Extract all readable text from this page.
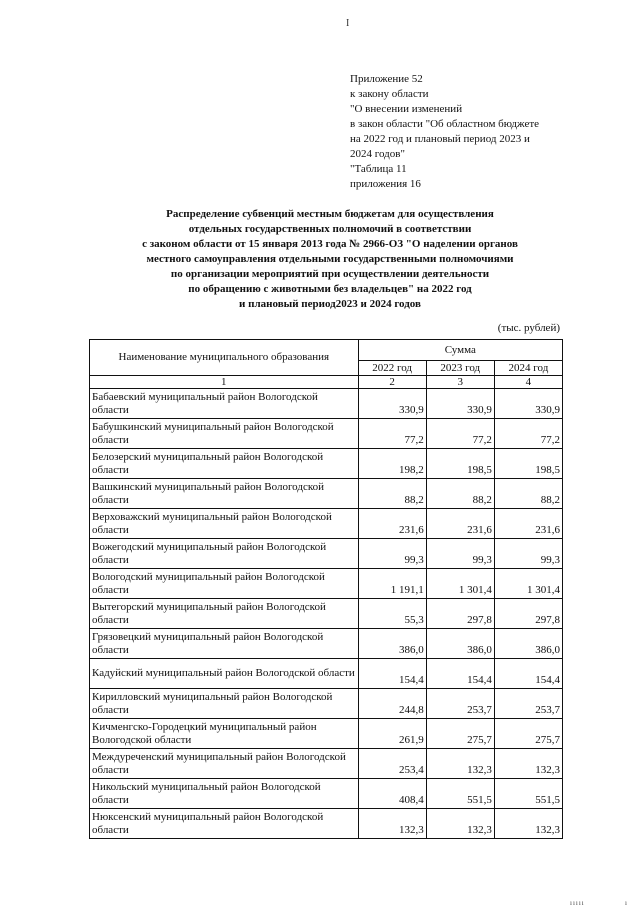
I
Приложение 52
к закону области
"О внесении изменений
в закон области "Об областном бюджете
на 2022 год и плановый период 2023 и
2024 годов"
"Таблица 11
приложения 16
Распределение субвенций местным бюджетам для осуществления
отдельных государственных полномочий в соответствии
с законом области от 15 января 2013 года № 2966-ОЗ "О наделении органов
местного самоуправления отдельными государственными полномочиями
по организации мероприятий при осуществлении деятельности
по обращению с животными без владельцев" на 2022 год
и плановый период2023 и 2024 годов
(тыс. рублей)
Наименование муниципального образования	Сумма		
	2022 год	2023 год	2024 год
1	2	3	4
Бабаевский муниципальный район Вологодской области	330,9	330,9	330,9
Бабушкинский муниципальный район Вологодской области	77,2	77,2	77,2
Белозерский муниципальный район Вологодской области	198,2	198,5	198,5
Вашкинский муниципальный район Вологодской области	88,2	88,2	88,2
Верховажский муниципальный район Вологодской области	231,6	231,6	231,6
Вожегодский муниципальный район Вологодской области	99,3	99,3	99,3
Вологодский муниципальный район Вологодской области	1 191,1	1 301,4	1 301,4
Вытегорский муниципальный район Вологодской области	55,3	297,8	297,8
Грязовецкий муниципальный район Вологодской области	386,0	386,0	386,0
Кадуйский муниципальный район Вологодской области	154,4	154,4	154,4
Кирилловский муниципальный район Вологодской области	244,8	253,7	253,7
Кичменгско-Городецкий муниципальный район Вологодской области	261,9	275,7	275,7
Междуреченский муниципальный район Вологодской области	253,4	132,3	132,3
Никольский муниципальный район Вологодской области	408,4	551,5	551,5
Нюксенский муниципальный район Вологодской области	132,3	132,3	132,3
ııııı	ı
